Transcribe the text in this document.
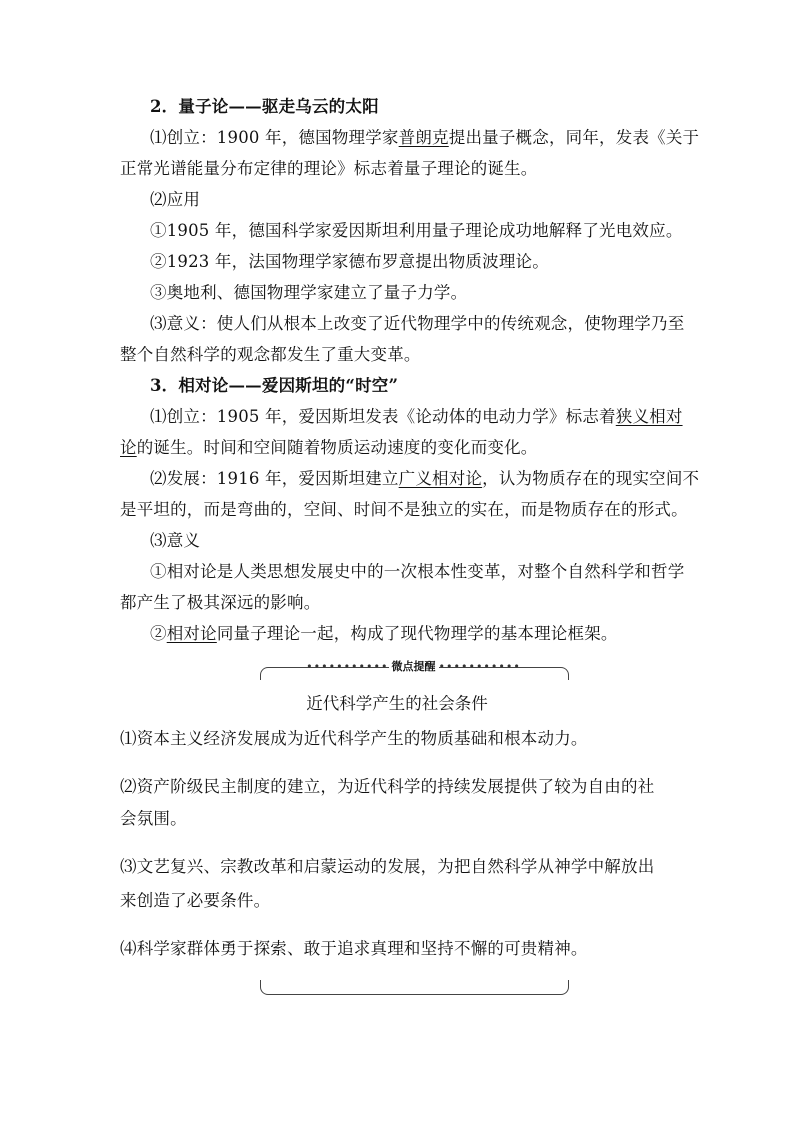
2．量子论——驱走乌云的太阳
⑴创立：1900 年，德国物理学家普朗克提出量子概念，同年，发表《关于
正常光谱能量分布定律的理论》标志着量子理论的诞生。
⑵应用
①1905 年，德国科学家爱因斯坦利用量子理论成功地解释了光电效应。
②1923 年，法国物理学家德布罗意提出物质波理论。
③奥地利、德国物理学家建立了量子力学。
⑶意义：使人们从根本上改变了近代物理学中的传统观念，使物理学乃至
整个自然科学的观念都发生了重大变革。
3．相对论——爱因斯坦的“时空”
⑴创立：1905 年，爱因斯坦发表《论动体的电动力学》标志着狭义相对
论的诞生。时间和空间随着物质运动速度的变化而变化。
⑵发展：1916 年，爱因斯坦建立广义相对论，认为物质存在的现实空间不
是平坦的，而是弯曲的，空间、时间不是独立的实在，而是物质存在的形式。
⑶意义
①相对论是人类思想发展史中的一次根本性变革，对整个自然科学和哲学
都产生了极其深远的影响。
②相对论同量子理论一起，构成了现代物理学的基本理论框架。
••••••••••• 微点提醒 •••••••••••
近代科学产生的社会条件
⑴资本主义经济发展成为近代科学产生的物质基础和根本动力。
⑵资产阶级民主制度的建立，为近代科学的持续发展提供了较为自由的社
会氛围。
⑶文艺复兴、宗教改革和启蒙运动的发展，为把自然科学从神学中解放出
来创造了必要条件。
⑷科学家群体勇于探索、敢于追求真理和坚持不懈的可贵精神。
